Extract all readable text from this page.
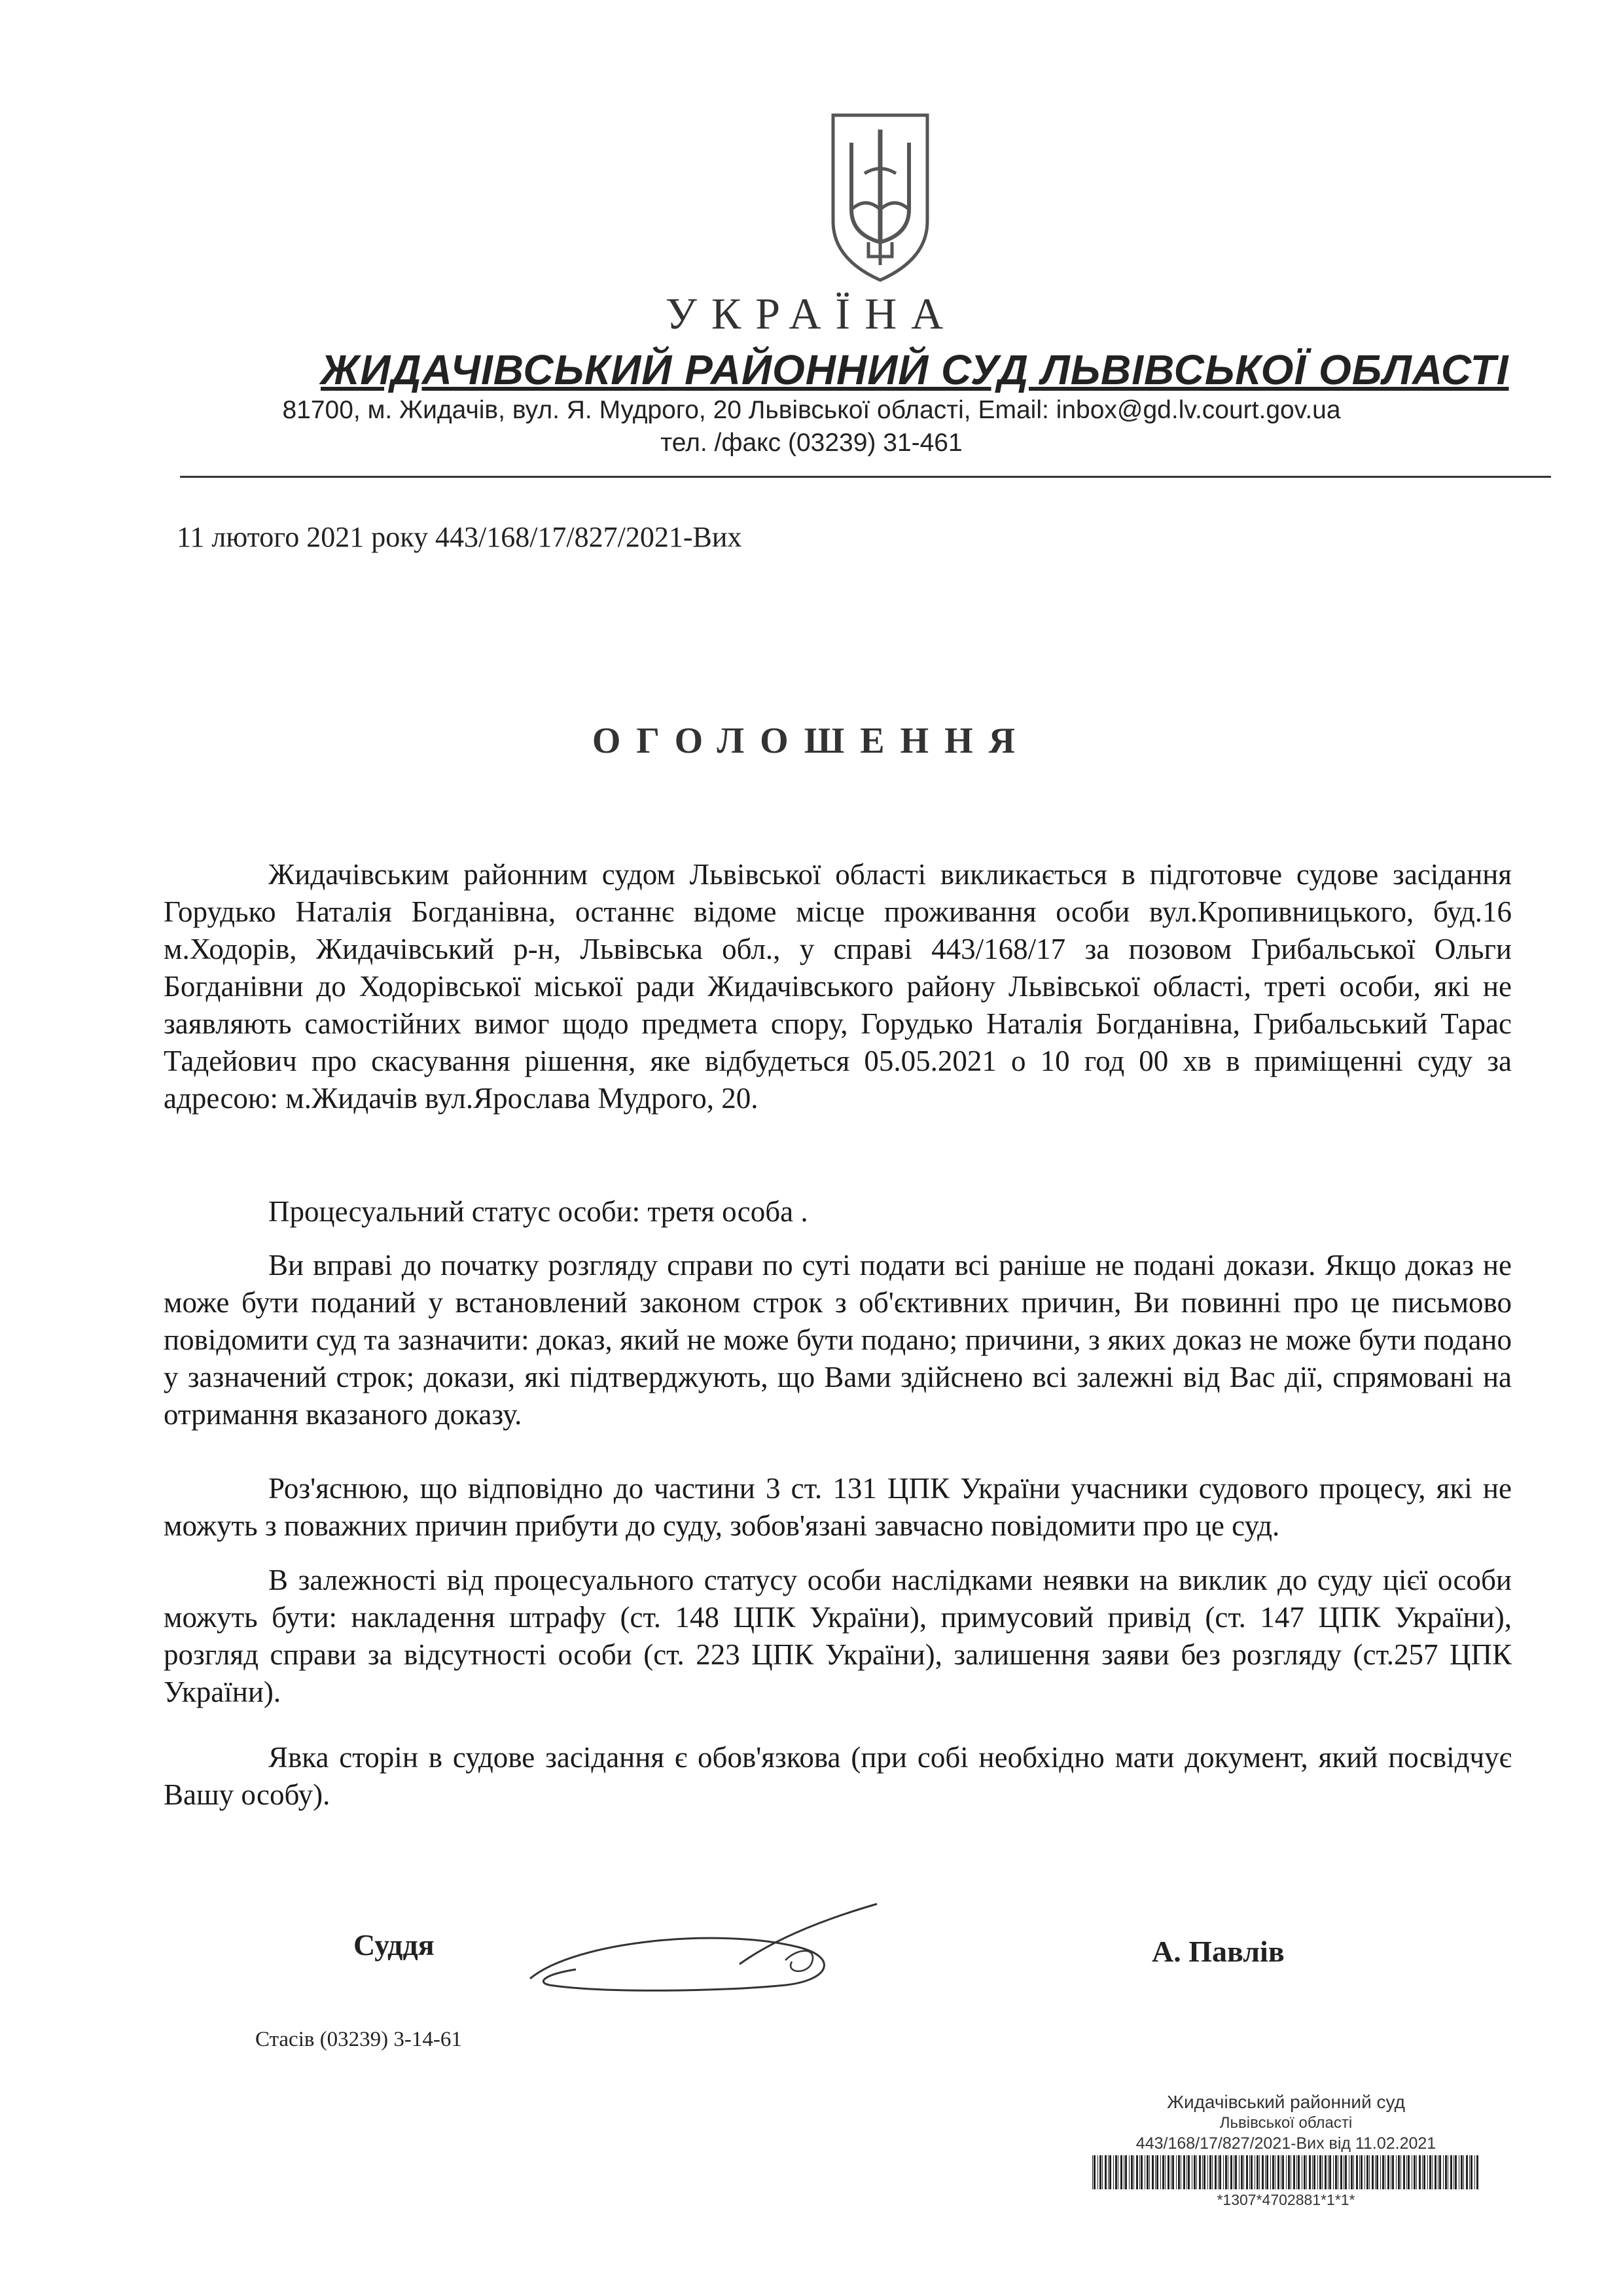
УКРАЇНА
ЖИДАЧІВСЬКИЙ РАЙОННИЙ СУД ЛЬВІВСЬКОЇ ОБЛАСТІ
81700, м. Жидачів, вул. Я. Мудрого, 20 Львівської області, Email: inbox@gd.lv.court.gov.ua
тел. /факс (03239) 31-461
11 лютого 2021 року 443/168/17/827/2021-Вих
ОГОЛОШЕННЯ
Жидачівським районним судом Львівської області викликається в підготовче судове засідання Горудько Наталія Богданівна, останнє відоме місце проживання особи вул.Кропивницького, буд.16 м.Ходорів, Жидачівський р-н, Львівська обл., у справі 443/168/17 за позовом Грибальської Ольги Богданівни до Ходорівської міської ради Жидачівського району Львівської області, треті особи, які не заявляють самостійних вимог щодо предмета спору, Горудько Наталія Богданівна, Грибальський Тарас Тадейович про скасування рішення, яке відбудеться 05.05.2021 о 10 год 00 хв в приміщенні суду за адресою: м.Жидачів вул.Ярослава Мудрого, 20.
Процесуальний статус особи: третя особа .
Ви вправі до початку розгляду справи по суті подати всі раніше не подані докази. Якщо доказ не може бути поданий у встановлений законом строк з об'єктивних причин, Ви повинні про це письмово повідомити суд та зазначити: доказ, який не може бути подано; причини, з яких доказ не може бути подано у зазначений строк; докази, які підтверджують, що Вами здійснено всі залежні від Вас дії, спрямовані на отримання вказаного доказу.
Роз'яснюю, що відповідно до частини 3 ст. 131 ЦПК України учасники судового процесу, які не можуть з поважних причин прибути до суду, зобов'язані завчасно повідомити про це суд.
В залежності від процесуального статусу особи наслідками неявки на виклик до суду цієї особи можуть бути: накладення штрафу (ст. 148 ЦПК України), примусовий привід (ст. 147 ЦПК України), розгляд справи за відсутності особи (ст. 223 ЦПК України), залишення заяви без розгляду (ст.257 ЦПК України).
Явка сторін в судове засідання є обов'язкова (при собі необхідно мати документ, який посвідчує Вашу особу).
Суддя	А. Павлів
Стасів (03239) 3-14-61
Жидачівський районний суд
Львівської області
443/168/17/827/2021-Вих від 11.02.2021
*1307*4702881*1*1*
